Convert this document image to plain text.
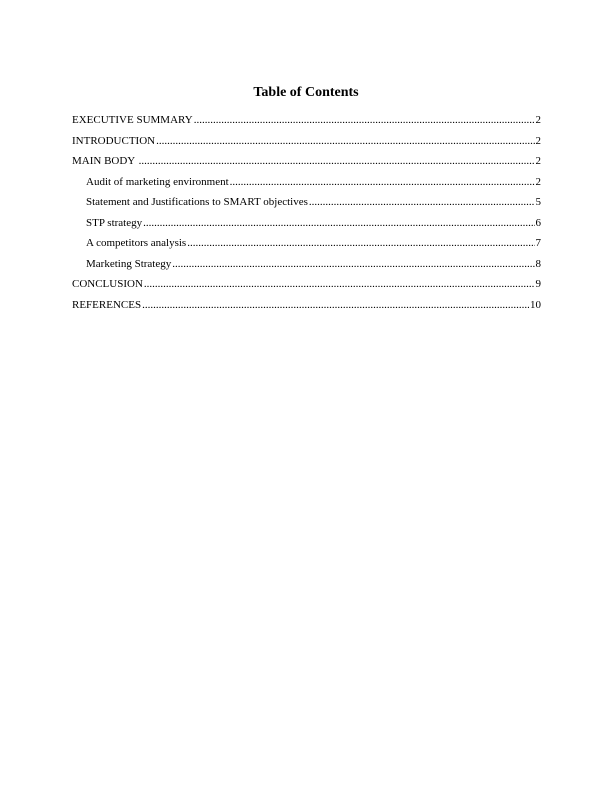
Table of Contents
EXECUTIVE SUMMARY .....	2
INTRODUCTION .....	2
MAIN BODY .....	2
Audit of marketing environment .....	2
Statement and Justifications to SMART objectives .....	5
STP strategy .....	6
A competitors analysis .....	7
Marketing Strategy .....	8
CONCLUSION .....	9
REFERENCES .....	10
